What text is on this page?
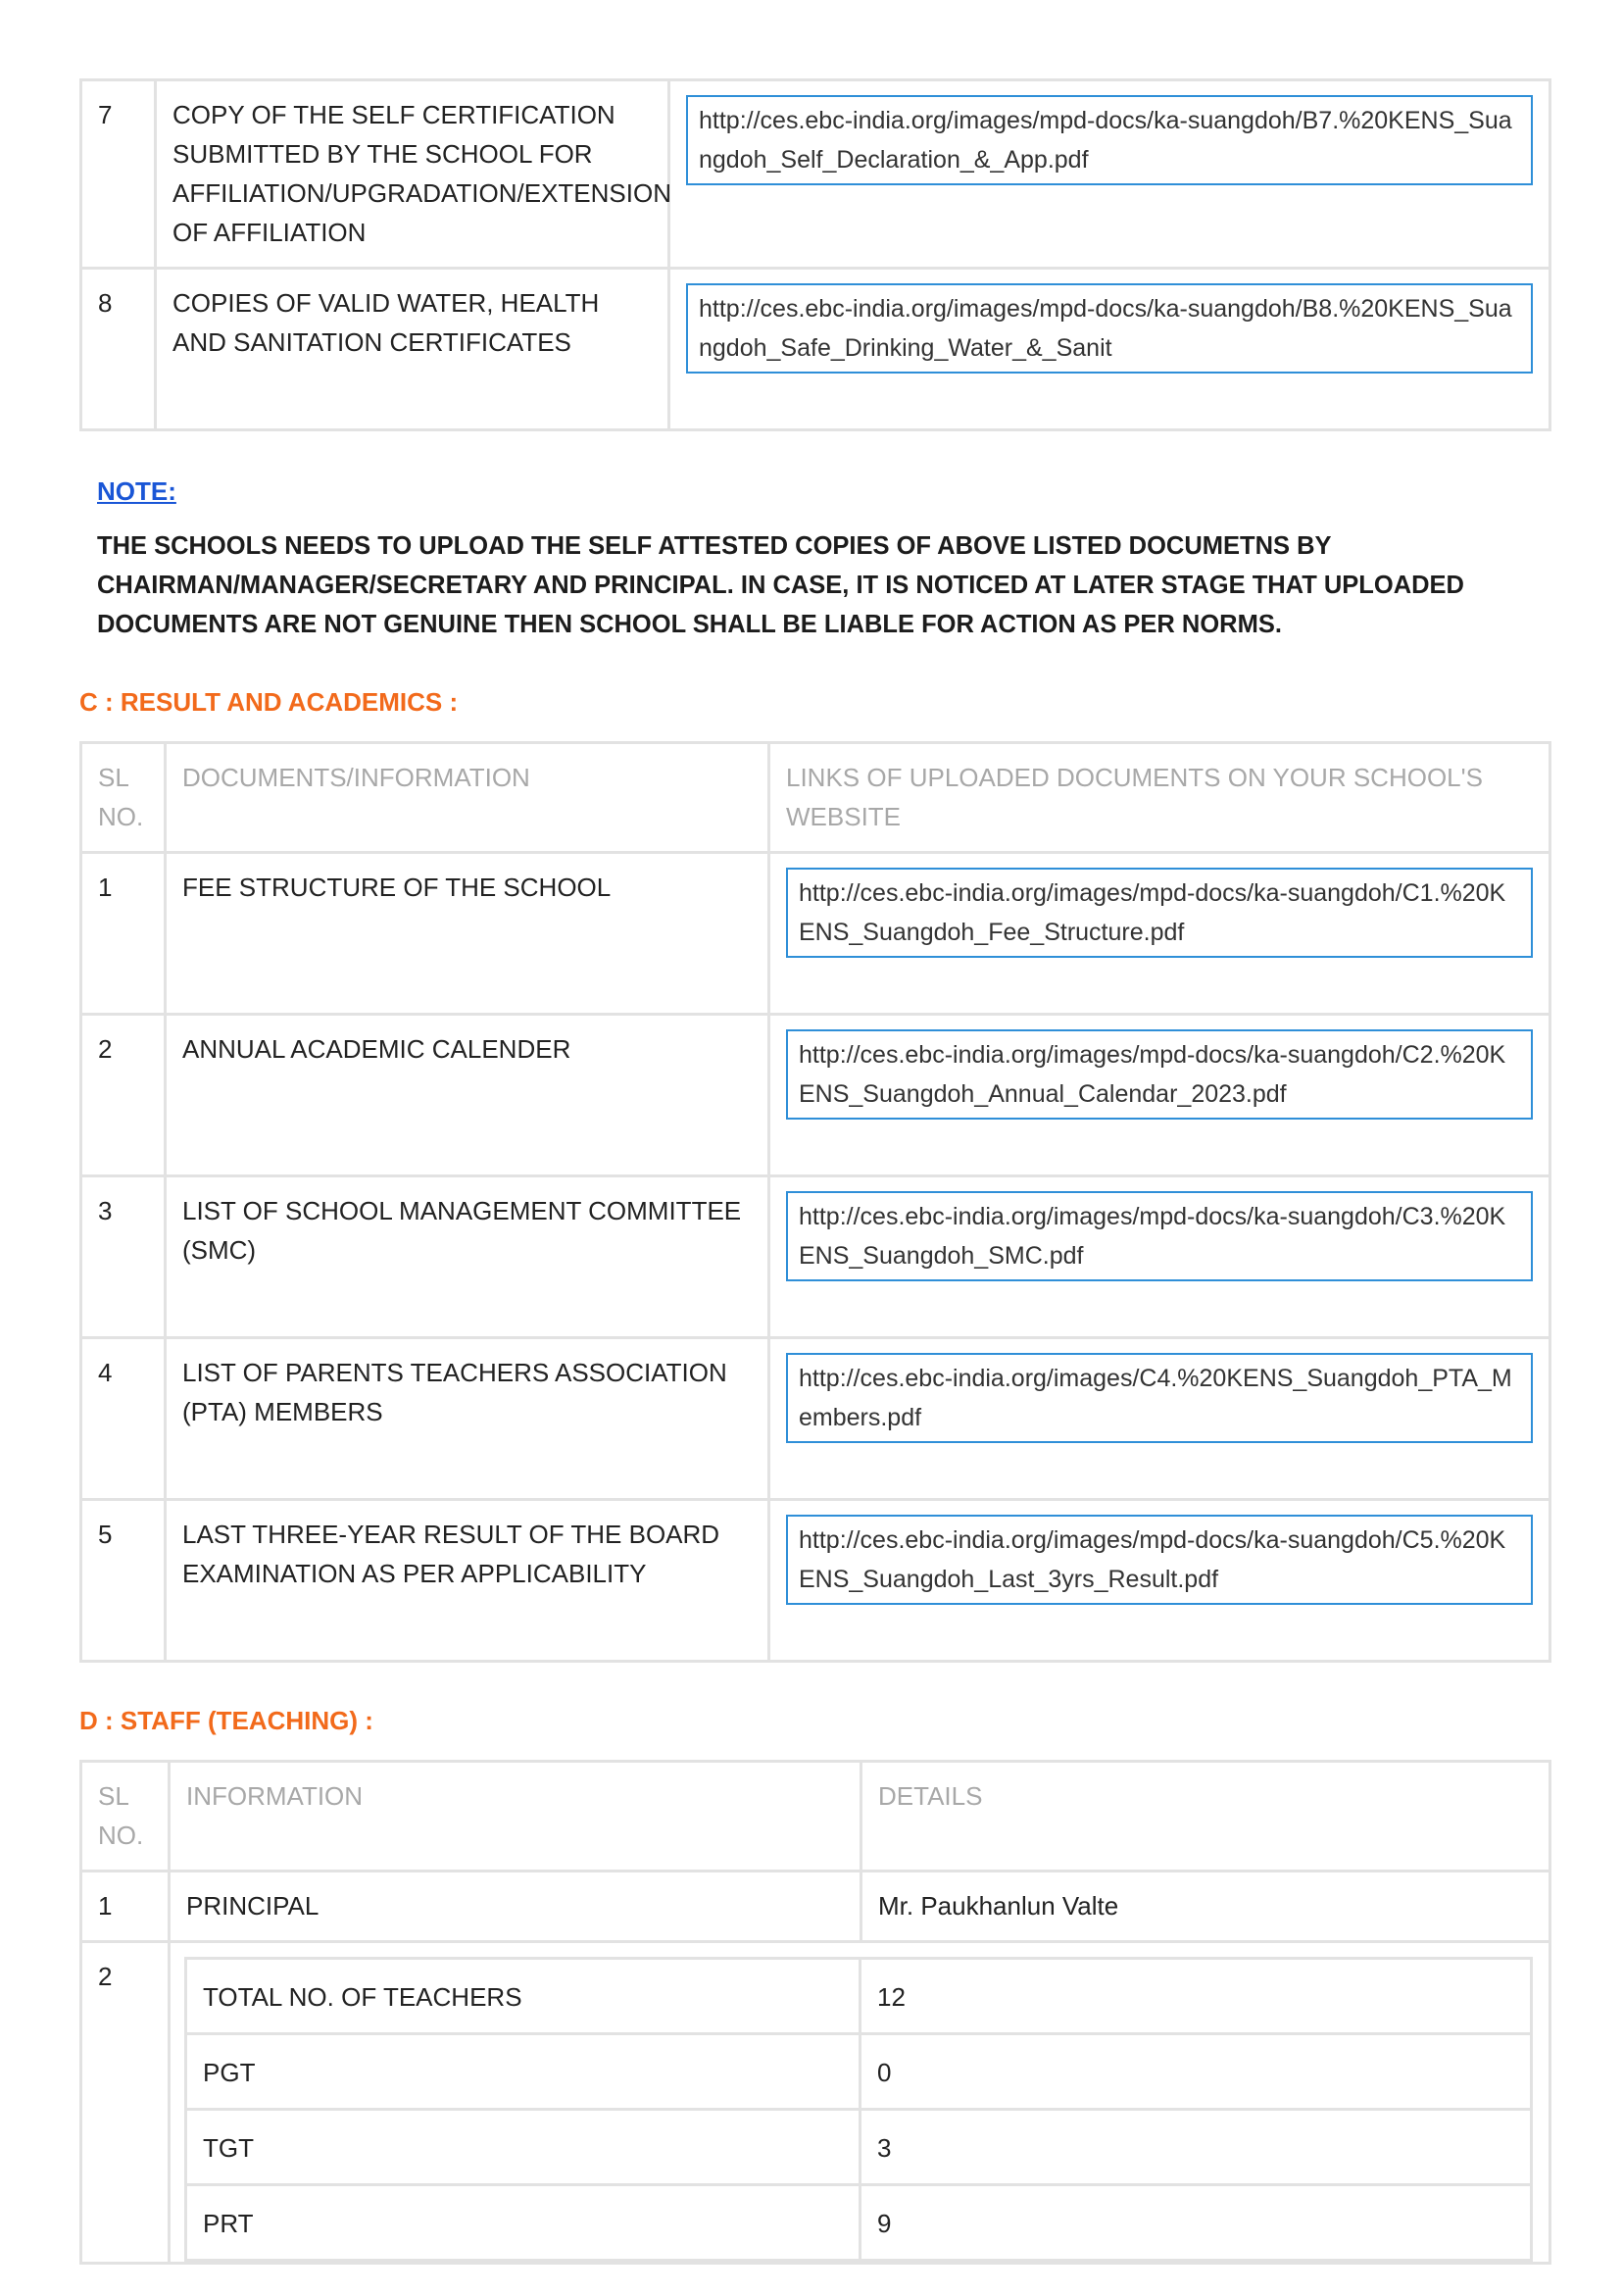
7	COPY OF THE SELF CERTIFICATION SUBMITTED BY THE SCHOOL FOR AFFILIATION/UPGRADATION/EXTENSION OF AFFILIATION	http://ces.ebc-india.org/images/mpd-docs/ka-suangdoh/B7.%20KENS_Suangdoh_Self_Declaration_&_App.pdf

8	COPIES OF VALID WATER, HEALTH AND SANITATION CERTIFICATES	http://ces.ebc-india.org/images/mpd-docs/ka-suangdoh/B8.%20KENS_Suangdoh_Safe_Drinking_Water_&_Sanit
NOTE:
THE SCHOOLS NEEDS TO UPLOAD THE SELF ATTESTED COPIES OF ABOVE LISTED DOCUMETNS BY CHAIRMAN/MANAGER/SECRETARY AND PRINCIPAL. IN CASE, IT IS NOTICED AT LATER STAGE THAT UPLOADED DOCUMENTS ARE NOT GENUINE THEN SCHOOL SHALL BE LIABLE FOR ACTION AS PER NORMS.
C : RESULT AND ACADEMICS :
SL NO.	DOCUMENTS/INFORMATION	LINKS OF UPLOADED DOCUMENTS ON YOUR SCHOOL'S WEBSITE
1	FEE STRUCTURE OF THE SCHOOL	http://ces.ebc-india.org/images/mpd-docs/ka-suangdoh/C1.%20KENS_Suangdoh_Fee_Structure.pdf

2	ANNUAL ACADEMIC CALENDER	http://ces.ebc-india.org/images/mpd-docs/ka-suangdoh/C2.%20KENS_Suangdoh_Annual_Calendar_2023.pdf

3	LIST OF SCHOOL MANAGEMENT COMMITTEE (SMC)	http://ces.ebc-india.org/images/mpd-docs/ka-suangdoh/C3.%20KENS_Suangdoh_SMC.pdf

4	LIST OF PARENTS TEACHERS ASSOCIATION (PTA) MEMBERS	http://ces.ebc-india.org/images/C4.%20KENS_Suangdoh_PTA_Members.pdf

5	LAST THREE-YEAR RESULT OF THE BOARD EXAMINATION AS PER APPLICABILITY	http://ces.ebc-india.org/images/mpd-docs/ka-suangdoh/C5.%20KENS_Suangdoh_Last_3yrs_Result.pdf
D : STAFF (TEACHING) :
SL NO.	INFORMATION	DETAILS
1	PRINCIPAL	Mr. Paukhanlun Valte
2	
TOTAL NO. OF TEACHERS	12
PGT	0
TGT	3
PRT	9
